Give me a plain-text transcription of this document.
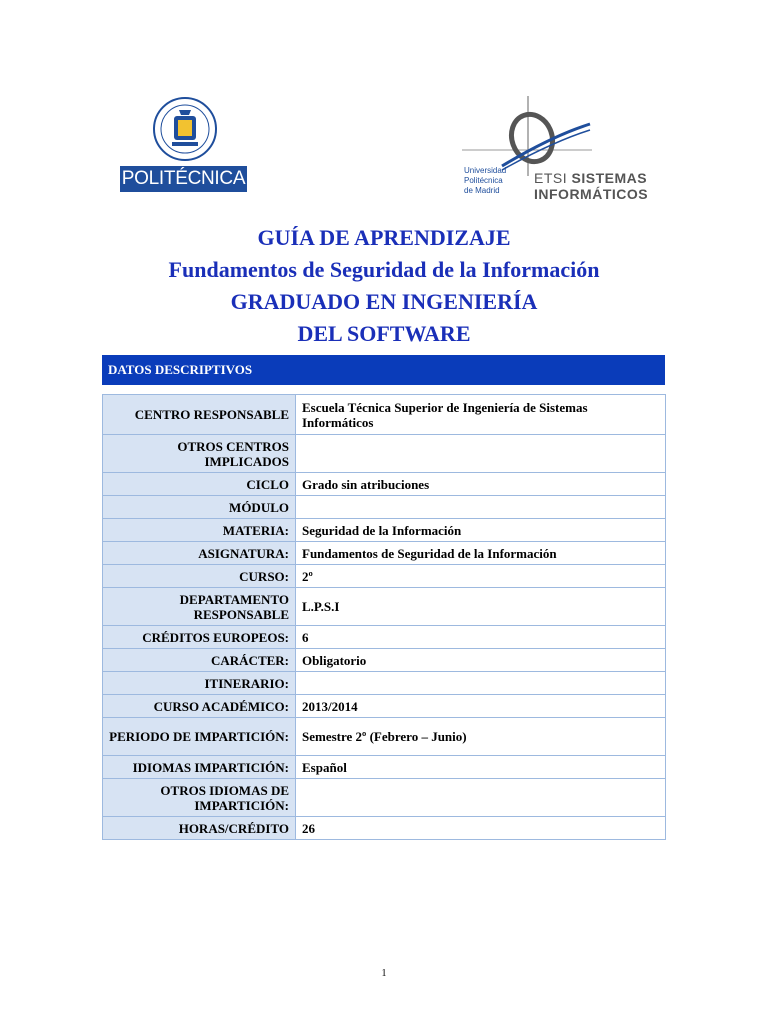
POLITÉCNICA	Universidad
Politécnica
de Madrid
ETSI SISTEMAS
INFORMÁTICOS
GUÍA DE APRENDIZAJE
Fundamentos de Seguridad de la Información
GRADUADO EN INGENIERÍA
DEL SOFTWARE
DATOS DESCRIPTIVOS
CENTRO RESPONSABLE	Escuela Técnica Superior de Ingeniería de Sistemas Informáticos
OTROS CENTROS IMPLICADOS	
CICLO	Grado sin atribuciones
MÓDULO	
MATERIA:	Seguridad de la Información
ASIGNATURA:	Fundamentos de Seguridad de la Información
CURSO:	2º
DEPARTAMENTO RESPONSABLE	L.P.S.I
CRÉDITOS EUROPEOS:	6
CARÁCTER:	Obligatorio
ITINERARIO:	
CURSO ACADÉMICO:	2013/2014
PERIODO DE IMPARTICIÓN:	Semestre 2º (Febrero – Junio)
IDIOMAS IMPARTICIÓN:	Español
OTROS IDIOMAS DE IMPARTICIÓN:	
HORAS/CRÉDITO	26
1
